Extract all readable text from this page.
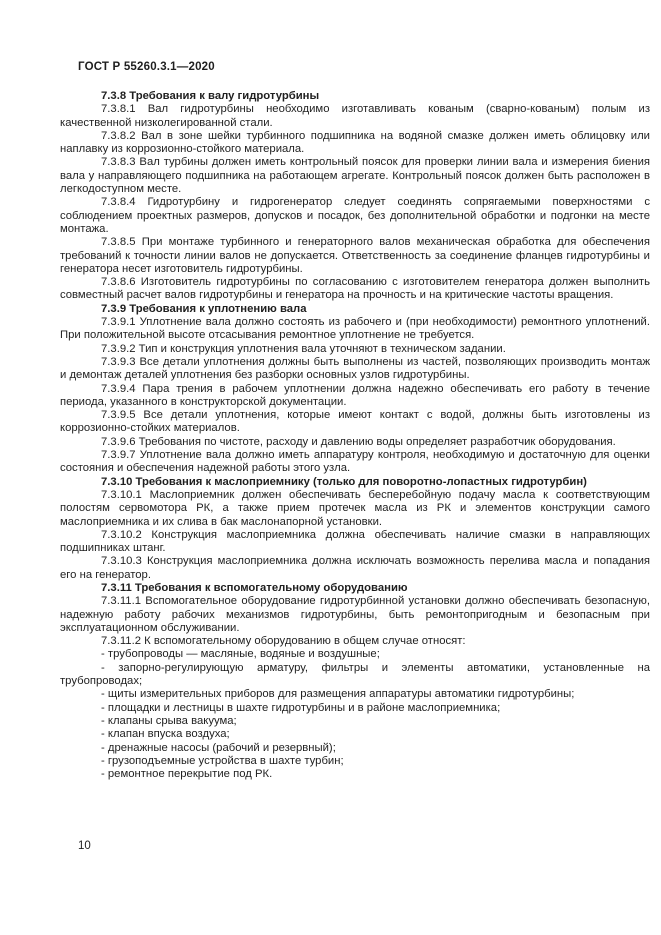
ГОСТ Р 55260.3.1—2020

7.3.8 Требования к валу гидротурбины

7.3.8.1 Вал гидротурбины необходимо изготавливать кованым (сварно-кованым) полым из качественной низколегированной стали.

7.3.8.2 Вал в зоне шейки турбинного подшипника на водяной смазке должен иметь облицовку или наплавку из коррозионно-стойкого материала.

7.3.8.3 Вал турбины должен иметь контрольный поясок для проверки линии вала и измерения биения вала у направляющего подшипника на работающем агрегате. Контрольный поясок должен быть расположен в легкодоступном месте.

7.3.8.4 Гидротурбину и гидрогенератор следует соединять сопрягаемыми поверхностями с соблюдением проектных размеров, допусков и посадок, без дополнительной обработки и подгонки на месте монтажа.

7.3.8.5 При монтаже турбинного и генераторного валов механическая обработка для обеспечения требований к точности линии валов не допускается. Ответственность за соединение фланцев гидротурбины и генератора несет изготовитель гидротурбины.

7.3.8.6 Изготовитель гидротурбины по согласованию с изготовителем генератора должен выполнить совместный расчет валов гидротурбины и генератора на прочность и на критические частоты вращения.

7.3.9 Требования к уплотнению вала

7.3.9.1 Уплотнение вала должно состоять из рабочего и (при необходимости) ремонтного уплотнений. При положительной высоте отсасывания ремонтное уплотнение не требуется.

7.3.9.2 Тип и конструкция уплотнения вала уточняют в техническом задании.

7.3.9.3 Все детали уплотнения должны быть выполнены из частей, позволяющих производить монтаж и демонтаж деталей уплотнения без разборки основных узлов гидротурбины.

7.3.9.4 Пара трения в рабочем уплотнении должна надежно обеспечивать его работу в течение периода, указанного в конструкторской документации.

7.3.9.5 Все детали уплотнения, которые имеют контакт с водой, должны быть изготовлены из коррозионно-стойких материалов.

7.3.9.6 Требования по чистоте, расходу и давлению воды определяет разработчик оборудования.

7.3.9.7 Уплотнение вала должно иметь аппаратуру контроля, необходимую и достаточную для оценки состояния и обеспечения надежной работы этого узла.

7.3.10 Требования к маслоприемнику (только для поворотно-лопастных гидротурбин)

7.3.10.1 Маслоприемник должен обеспечивать бесперебойную подачу масла к соответствующим полостям сервомотора РК, а также прием протечек масла из РК и элементов конструкции самого маслоприемника и их слива в бак маслонапорной установки.

7.3.10.2 Конструкция маслоприемника должна обеспечивать наличие смазки в направляющих подшипниках штанг.

7.3.10.3 Конструкция маслоприемника должна исключать возможность перелива масла и попадания его на генератор.

7.3.11 Требования к вспомогательному оборудованию

7.3.11.1 Вспомогательное оборудование гидротурбинной установки должно обеспечивать безопасную, надежную работу рабочих механизмов гидротурбины, быть ремонтопригодным и безопасным при эксплуатационном обслуживании.

7.3.11.2 К вспомогательному оборудованию в общем случае относят:

- трубопроводы — масляные, водяные и воздушные;

- запорно-регулирующую арматуру, фильтры и элементы автоматики, установленные на трубопроводах;

- щиты измерительных приборов для размещения аппаратуры автоматики гидротурбины;

- площадки и лестницы в шахте гидротурбины и в районе маслоприемника;

- клапаны срыва вакуума;

- клапан впуска воздуха;

- дренажные насосы (рабочий и резервный);

- грузоподъемные устройства в шахте турбин;

- ремонтное перекрытие под РК.

10
